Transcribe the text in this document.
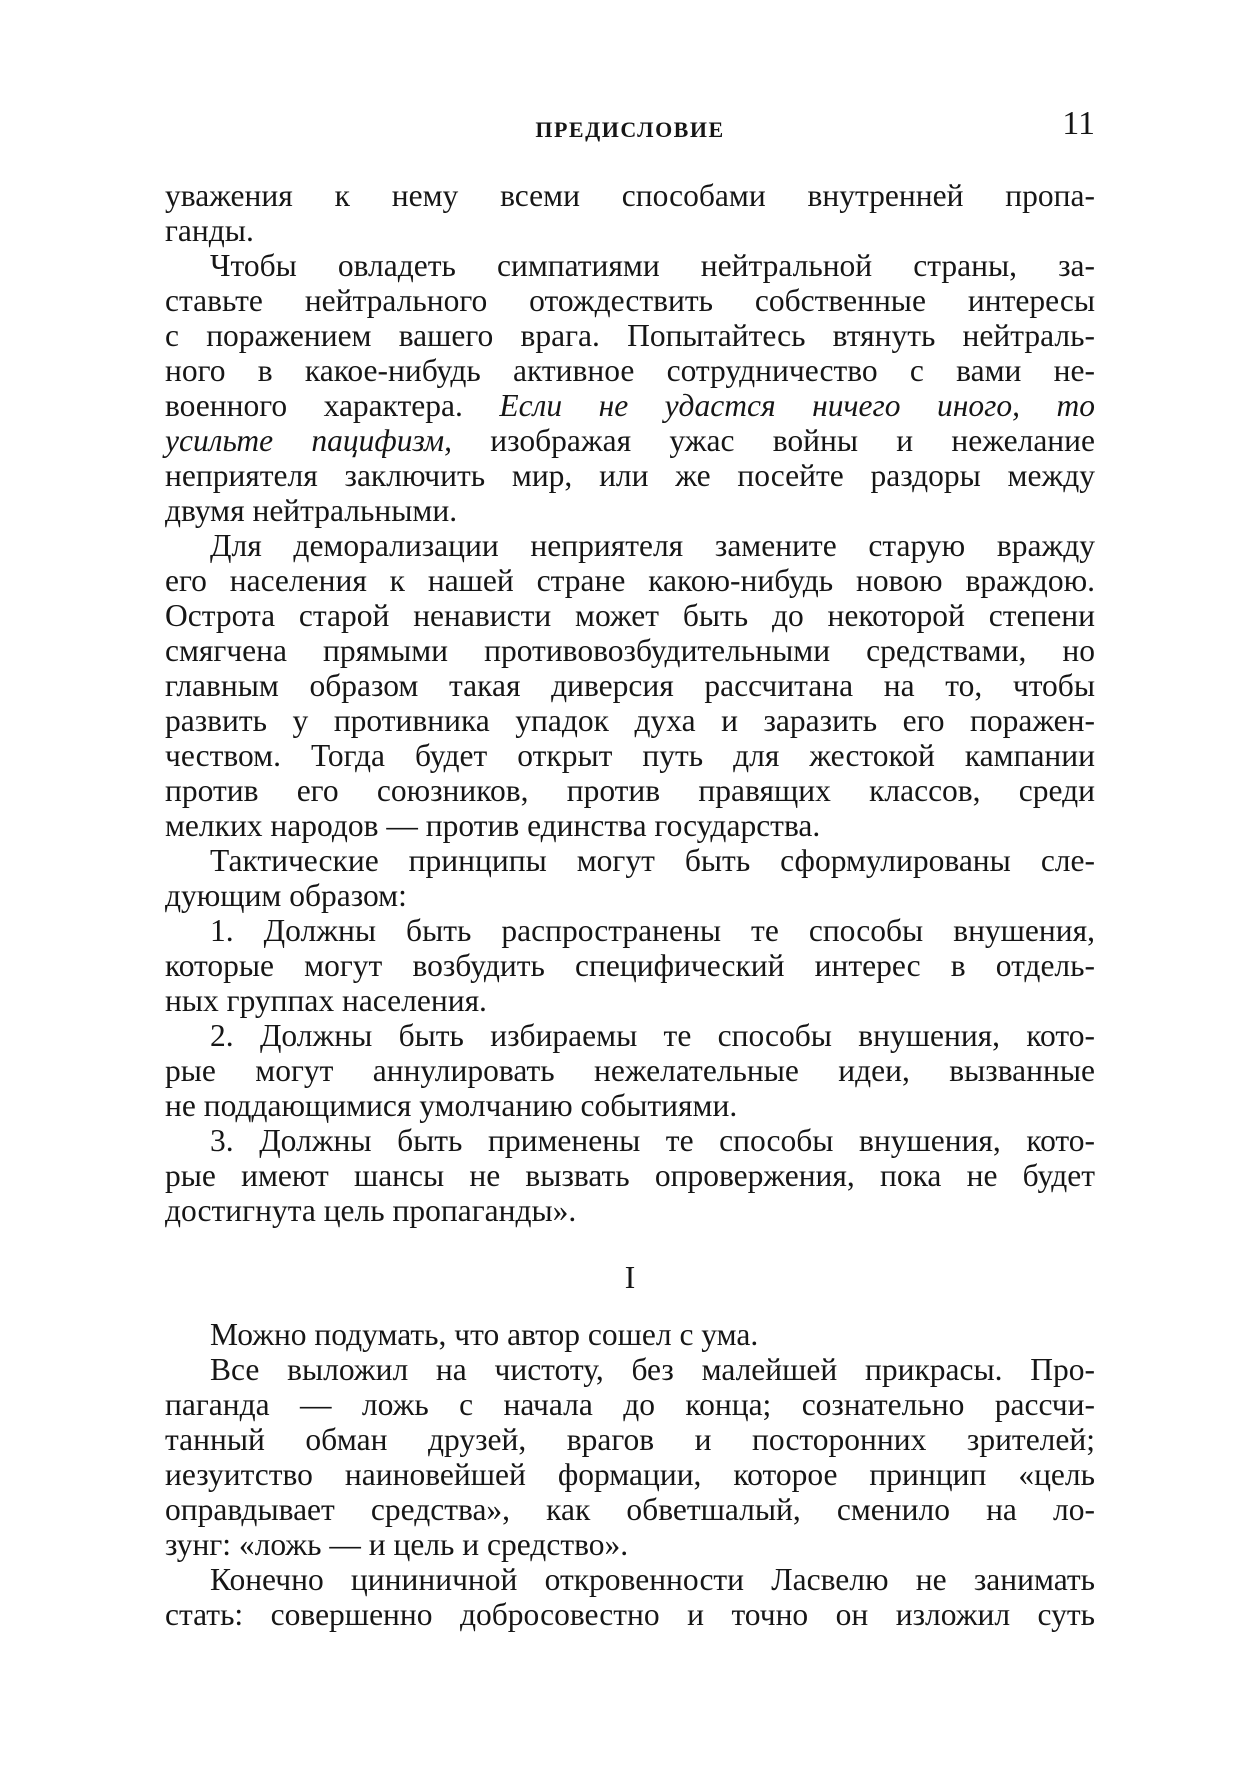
ПРЕДИСЛОВИЕ	11
уважения к нему всеми способами внутренней пропа-
ганды.
Чтобы овладеть симпатиями нейтральной страны, за-
ставьте нейтрального отождествить собственные интересы
с поражением вашего врага. Попытайтесь втянуть нейтраль-
ного в какое-нибудь активное сотрудничество с вами не-
военного характера. Если не удастся ничего иного, то
усильте пацифизм, изображая ужас войны и нежелание
неприятеля заключить мир, или же посейте раздоры между
двумя нейтральными.
Для деморализации неприятеля замените старую вражду
его населения к нашей стране какою-нибудь новою враждою.
Острота старой ненависти может быть до некоторой степени
смягчена прямыми противовозбудительными средствами, но
главным образом такая диверсия рассчитана на то, чтобы
развить у противника упадок духа и заразить его поражен-
чеством. Тогда будет открыт путь для жестокой кампании
против его союзников, против правящих классов, среди
мелких народов — против единства государства.
Тактические принципы могут быть сформулированы сле-
дующим образом:
1. Должны быть распространены те способы внушения,
которые могут возбудить специфический интерес в отдель-
ных группах населения.
2. Должны быть избираемы те способы внушения, кото-
рые могут аннулировать нежелательные идеи, вызванные
не поддающимися умолчанию событиями.
3. Должны быть применены те способы внушения, кото-
рые имеют шансы не вызвать опровержения, пока не будет
достигнута цель пропаганды».
I
Можно подумать, что автор сошел с ума.
Все выложил на чистоту, без малейшей прикрасы. Про-
паганда — ложь с начала до конца; сознательно рассчи-
танный обман друзей, врагов и посторонних зрителей;
иезуитство наиновейшей формации, которое принцип «цель
оправдывает средства», как обветшалый, сменило на ло-
зунг: «ложь — и цель и средство».
Конечно цининичной откровенности Ласвелю не занимать
стать: совершенно добросовестно и точно он изложил суть
